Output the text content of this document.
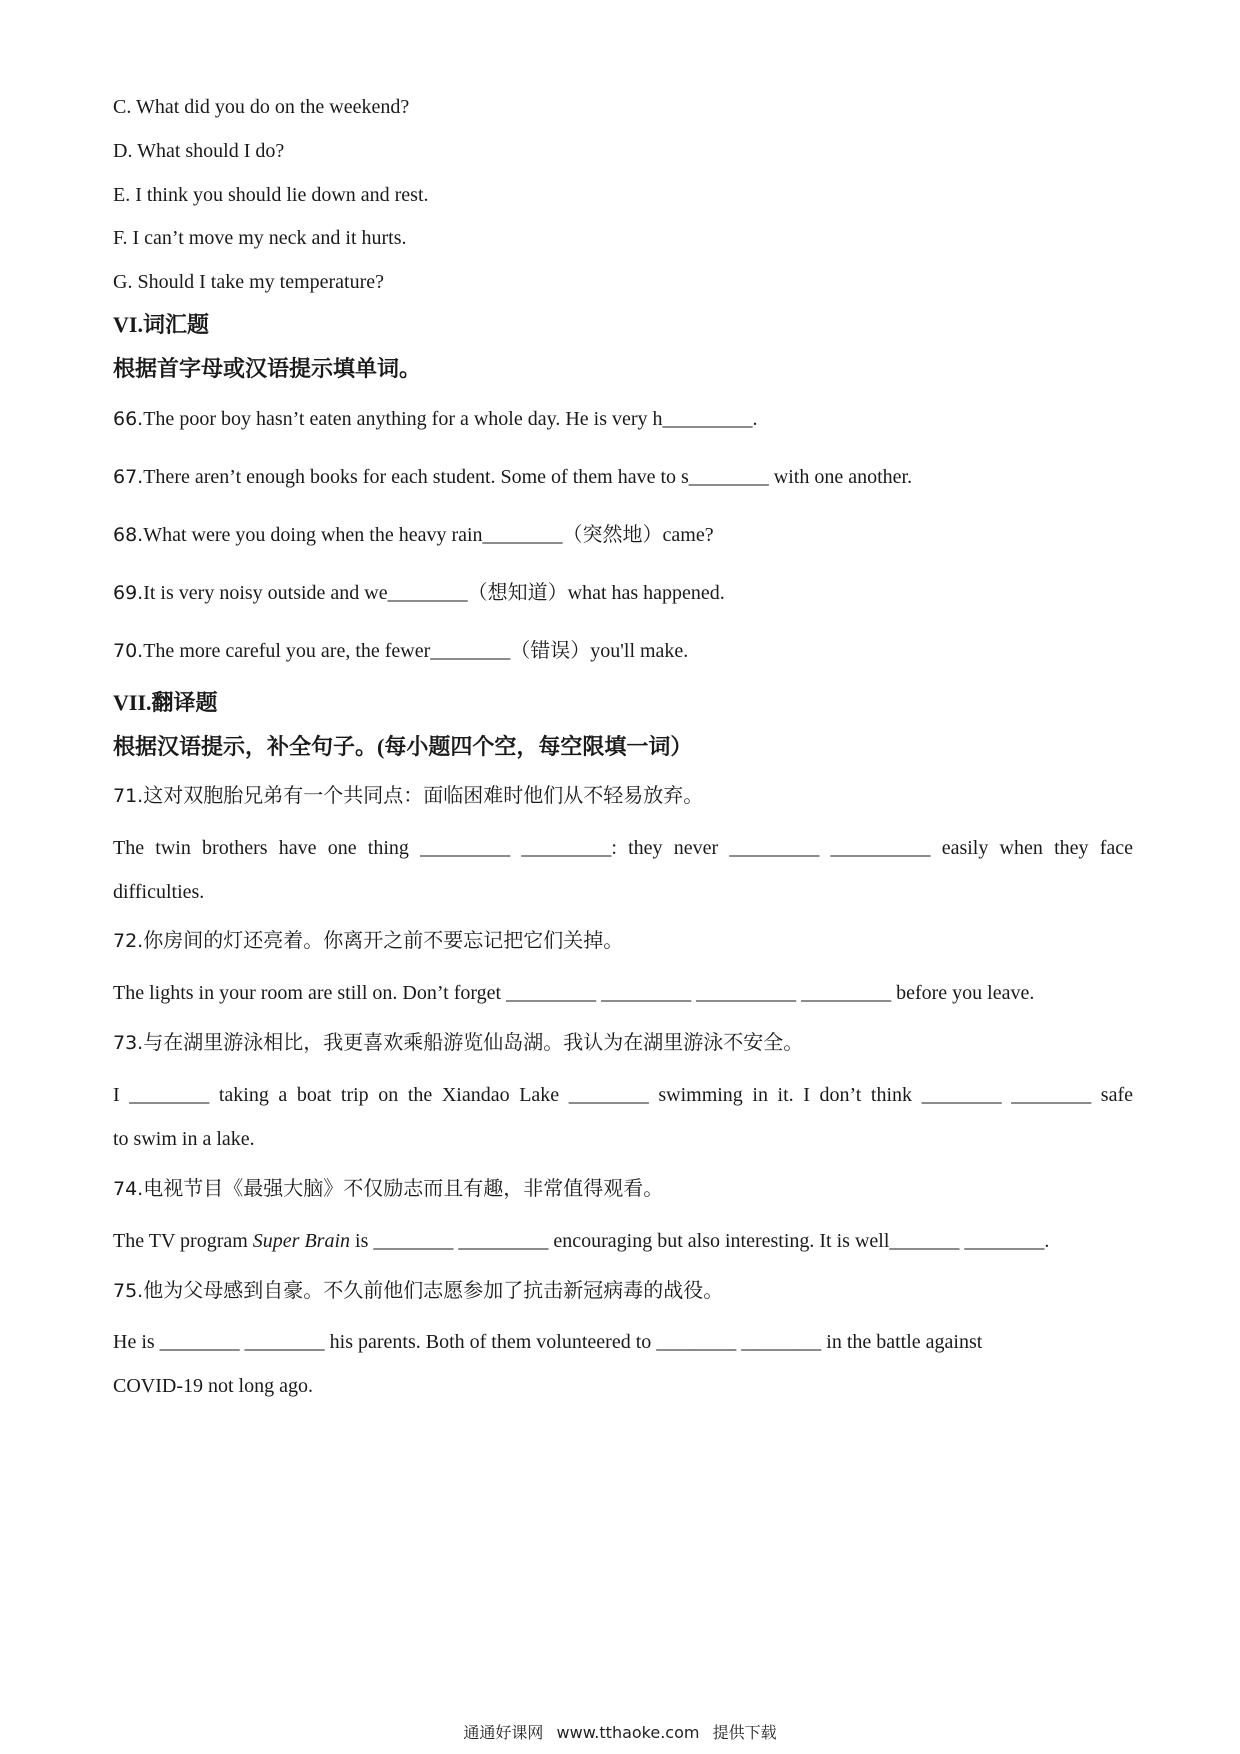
C. What did you do on the weekend?
D. What should I do?
E. I think you should lie down and rest.
F. I can’t move my neck and it hurts.
G. Should I take my temperature?
VI.词汇题
根据首字母或汉语提示填单词。
66.The poor boy hasn’t eaten anything for a whole day. He is very h_________.
67.There aren’t enough books for each student. Some of them have to s________ with one another.
68.What were you doing when the heavy rain________（突然地）came?
69.It is very noisy outside and we________（想知道）what has happened.
70.The more careful you are, the fewer________（错误）you'll make.
VII.翻译题
根据汉语提示，补全句子。(每小题四个空，每空限填一词）
71.这对双胞胎兄弟有一个共同点：面临困难时他们从不轻易放弃。
The twin brothers have one thing _________ _________: they never _________ __________ easily when they face
difficulties.
72.你房间的灯还亮着。你离开之前不要忘记把它们关掉。
The lights in your room are still on. Don’t forget _________ _________ __________ _________ before you leave.
73.与在湖里游泳相比，我更喜欢乘船游览仙岛湖。我认为在湖里游泳不安全。
I ________ taking a boat trip on the Xiandao Lake ________ swimming in it. I don’t think ________ ________ safe
to swim in a lake.
74.电视节目《最强大脑》不仅励志而且有趣，非常值得观看。
The TV program Super Brain is ________ _________ encouraging but also interesting. It is well_______ ________.
75.他为父母感到自豪。不久前他们志愿参加了抗击新冠病毒的战役。
He is ________ ________ his parents. Both of them volunteered to ________ ________ in the battle against
COVID-19 not long ago.
通通好课网 www.tthaoke.com 提供下载
